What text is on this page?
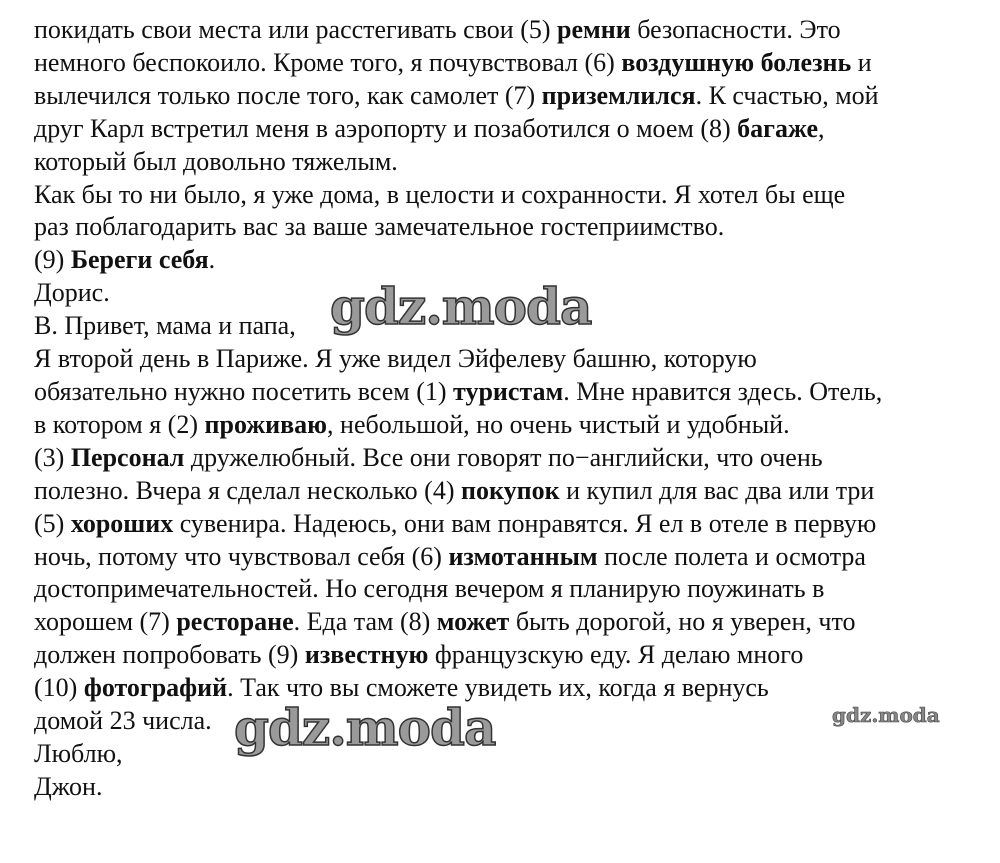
покидать свои места или расстегивать свои (5) ремни безопасности. Это
немного беспокоило. Кроме того, я почувствовал (6) воздушную болезнь и
вылечился только после того, как самолет (7) приземлился. К счастью, мой
друг Карл встретил меня в аэропорту и позаботился о моем (8) багаже,
который был довольно тяжелым.
Как бы то ни было, я уже дома, в целости и сохранности. Я хотел бы еще
раз поблагодарить вас за ваше замечательное гостеприимство.
(9) Береги себя.
Дорис.
B. Привет, мама и папа,
Я второй день в Париже. Я уже видел Эйфелеву башню, которую
обязательно нужно посетить всем (1) туристам. Мне нравится здесь. Отель,
в котором я (2) проживаю, небольшой, но очень чистый и удобный.
(3) Персонал дружелюбный. Все они говорят по−английски, что очень
полезно. Вчера я сделал несколько (4) покупок и купил для вас два или три
(5) хороших сувенира. Надеюсь, они вам понравятся. Я ел в отеле в первую
ночь, потому что чувствовал себя (6) измотанным после полета и осмотра
достопримечательностей. Но сегодня вечером я планирую поужинать в
хорошем (7) ресторане. Еда там (8) может быть дорогой, но я уверен, что
должен попробовать (9) известную французскую еду. Я делаю много
(10) фотографий. Так что вы сможете увидеть их, когда я вернусь
домой 23 числа.
Люблю,
Джон.
gdz.moda
gdz.moda	gdz.moda
